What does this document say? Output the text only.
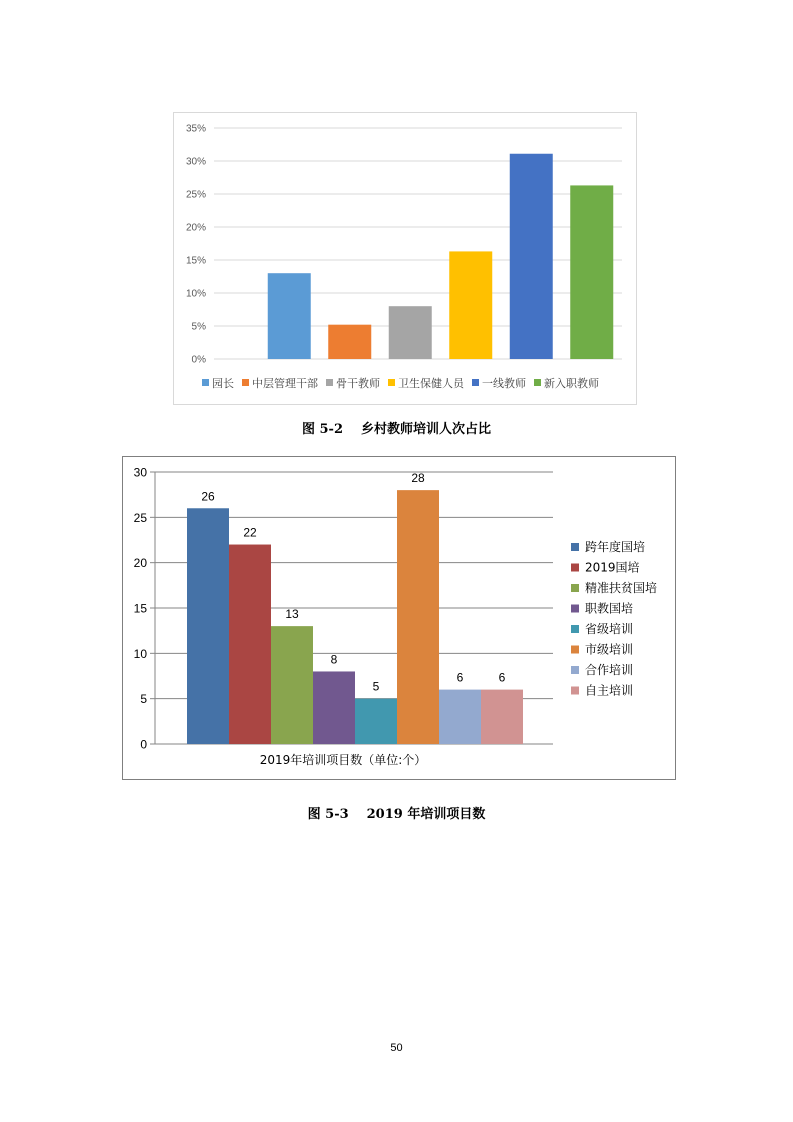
0%
5%
10%
15%
20%
25%
30%
35%
园长 中层管理干部 骨干教师 卫生保健人员 一线教师 新入职教师
图 5-2 乡村教师培训人次占比
0
5
10
15
20
25
30
26
22
13
8
5
28
6	6
2019年培训项目数（单位:个）
跨年度国培
2019国培
精准扶贫国培
职教国培
省级培训
市级培训
合作培训
自主培训
图 5-3 2019 年培训项目数
50
